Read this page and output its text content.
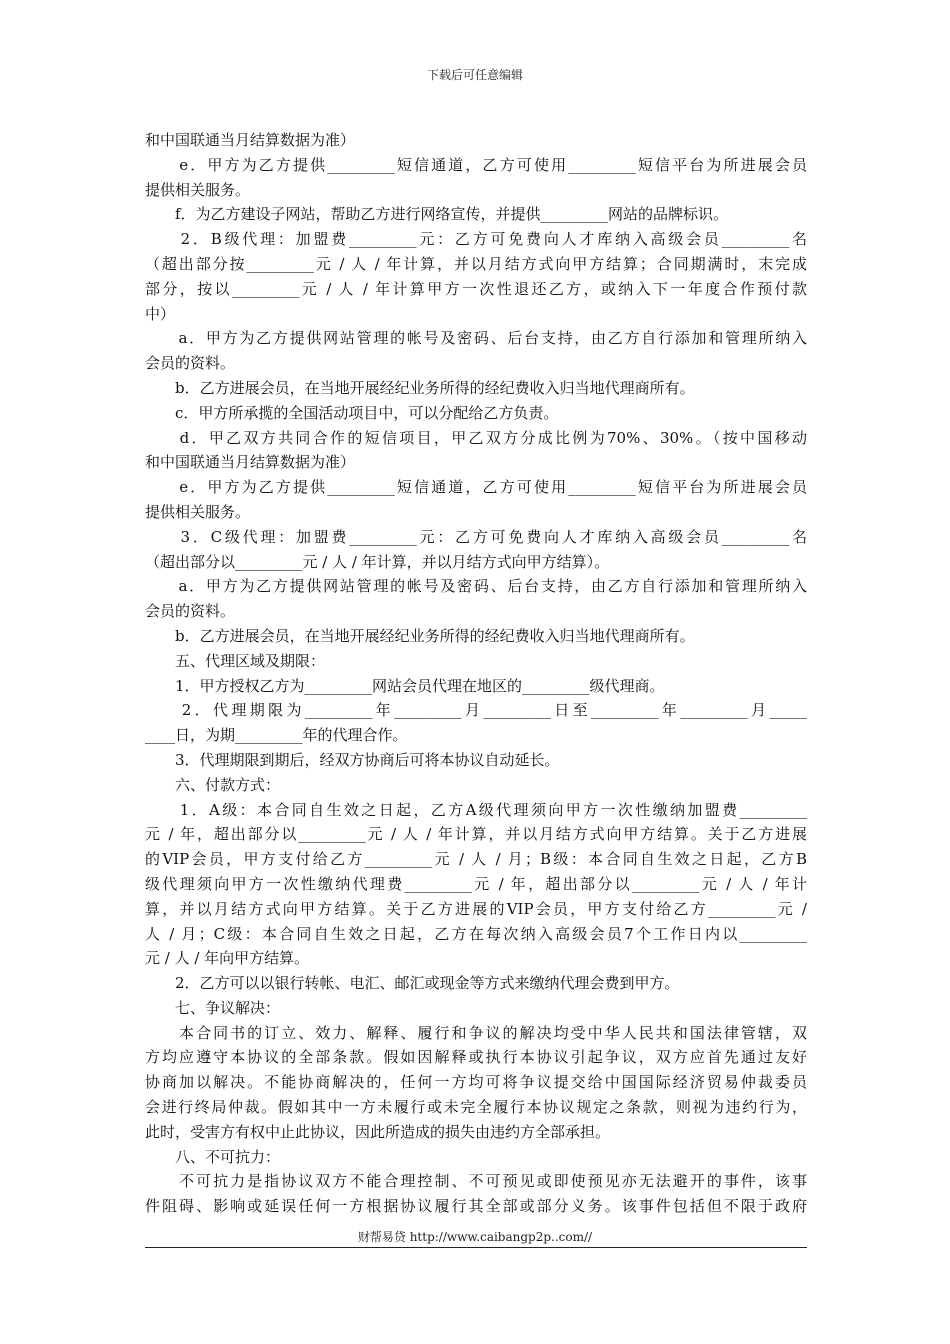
下载后可任意编辑
和中国联通当月结算数据为准）
　　e．甲方为乙方提供_________短信通道，乙方可使用_________短信平台为所进展会员
提供相关服务。
　　f．为乙方建设子网站，帮助乙方进行网络宣传，并提供_________网站的品牌标识。
　　2．B级代理：加盟费_________元：乙方可免费向人才库纳入高级会员_________名
（超出部分按_________元 / 人 / 年计算，并以月结方式向甲方结算；合同期满时，末完成
部分，按以_________元 / 人 / 年计算甲方一次性退还乙方，或纳入下一年度合作预付款
中）
　　a．甲方为乙方提供网站管理的帐号及密码、后台支持，由乙方自行添加和管理所纳入
会员的资料。
　　b．乙方进展会员，在当地开展经纪业务所得的经纪费收入归当地代理商所有。
　　c．甲方所承揽的全国活动项目中，可以分配给乙方负责。
　　d．甲乙双方共同合作的短信项目，甲乙双方分成比例为70%、30%。（按中国移动
和中国联通当月结算数据为准）
　　e．甲方为乙方提供_________短信通道，乙方可使用_________短信平台为所进展会员
提供相关服务。
　　3．C级代理：加盟费_________元：乙方可免费向人才库纳入高级会员_________名
（超出部分以_________元 / 人 / 年计算，并以月结方式向甲方结算）。
　　a．甲方为乙方提供网站管理的帐号及密码、后台支持，由乙方自行添加和管理所纳入
会员的资料。
　　b．乙方进展会员，在当地开展经纪业务所得的经纪费收入归当地代理商所有。
　　五、代理区域及期限：
　　1．甲方授权乙方为_________网站会员代理在地区的_________级代理商。
　　2．代理期限为_________年_________月_________日至_________年_________月_____
____日，为期_________年的代理合作。
　　3．代理期限到期后，经双方协商后可将本协议自动延长。
　　六、付款方式：
　　1．A级：本合同自生效之日起，乙方A级代理须向甲方一次性缴纳加盟费_________
元 / 年，超出部分以_________元 / 人 / 年计算，并以月结方式向甲方结算。关于乙方进展
的VIP会员，甲方支付给乙方_________元 / 人 / 月；B级：本合同自生效之日起，乙方B
级代理须向甲方一次性缴纳代理费_________元 / 年，超出部分以_________元 / 人 / 年计
算，并以月结方式向甲方结算。关于乙方进展的VIP会员，甲方支付给乙方_________元 /
人 / 月；C级：本合同自生效之日起，乙方在每次纳入高级会员7个工作日内以_________
元 / 人 / 年向甲方结算。
　　2．乙方可以以银行转帐、电汇、邮汇或现金等方式来缴纳代理会费到甲方。
　　七、争议解决：
　　本合同书的订立、效力、解释、履行和争议的解决均受中华人民共和国法律管辖，双
方均应遵守本协议的全部条款。假如因解释或执行本协议引起争议，双方应首先通过友好
协商加以解决。不能协商解决的，任何一方均可将争议提交给中国国际经济贸易仲裁委员
会进行终局仲裁。假如其中一方未履行或未完全履行本协议规定之条款，则视为违约行为，
此时，受害方有权中止此协议，因此所造成的损失由违约方全部承担。
　　八、不可抗力：
　　不可抗力是指协议双方不能合理控制、不可预见或即使预见亦无法避开的事件，该事
件阻碍、影响或延误任何一方根据协议履行其全部或部分义务。该事件包括但不限于政府
财帮易贷 http://www.caibangp2p..com//
